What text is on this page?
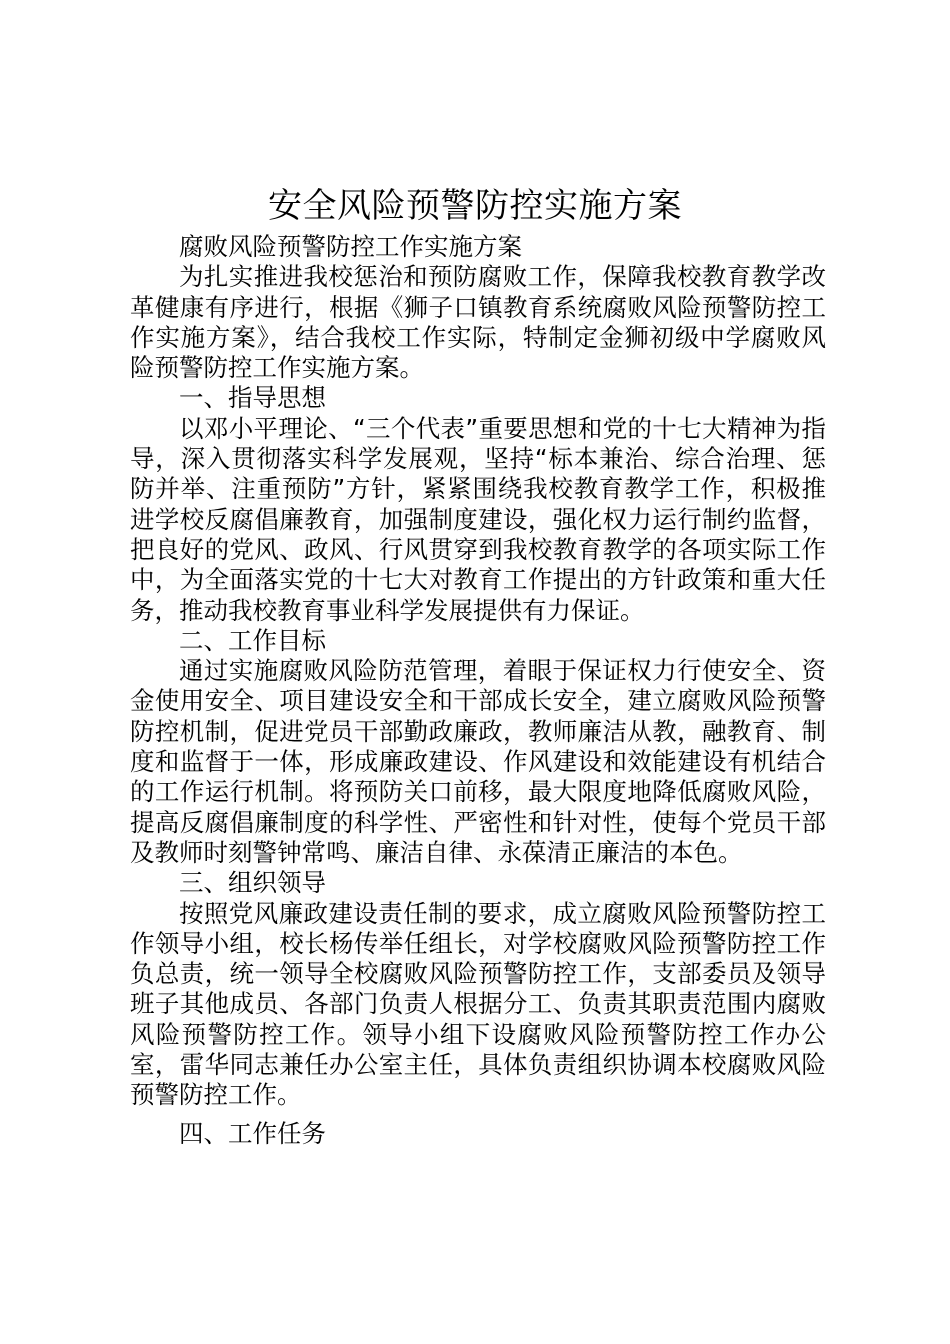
安全风险预警防控实施方案

腐败风险预警防控工作实施方案

为扎实推进我校惩治和预防腐败工作，保障我校教育教学改革健康有序进行，根据《狮子口镇教育系统腐败风险预警防控工作实施方案》，结合我校工作实际，特制定金狮初级中学腐败风险预警防控工作实施方案。

一、指导思想

以邓小平理论、“三个代表”重要思想和党的十七大精神为指导，深入贯彻落实科学发展观，坚持“标本兼治、综合治理、惩防并举、注重预防”方针，紧紧围绕我校教育教学工作，积极推进学校反腐倡廉教育，加强制度建设，强化权力运行制约监督，把良好的党风、政风、行风贯穿到我校教育教学的各项实际工作中，为全面落实党的十七大对教育工作提出的方针政策和重大任务，推动我校教育事业科学发展提供有力保证。

二、工作目标

通过实施腐败风险防范管理，着眼于保证权力行使安全、资金使用安全、项目建设安全和干部成长安全，建立腐败风险预警防控机制，促进党员干部勤政廉政，教师廉洁从教，融教育、制度和监督于一体，形成廉政建设、作风建设和效能建设有机结合的工作运行机制。将预防关口前移，最大限度地降低腐败风险，提高反腐倡廉制度的科学性、严密性和针对性，使每个党员干部及教师时刻警钟常鸣、廉洁自律、永葆清正廉洁的本色。

三、组织领导

按照党风廉政建设责任制的要求，成立腐败风险预警防控工作领导小组，校长杨传举任组长，对学校腐败风险预警防控工作负总责，统一领导全校腐败风险预警防控工作，支部委员及领导班子其他成员、各部门负责人根据分工、负责其职责范围内腐败风险预警防控工作。领导小组下设腐败风险预警防控工作办公室，雷华同志兼任办公室主任，具体负责组织协调本校腐败风险预警防控工作。

四、工作任务
